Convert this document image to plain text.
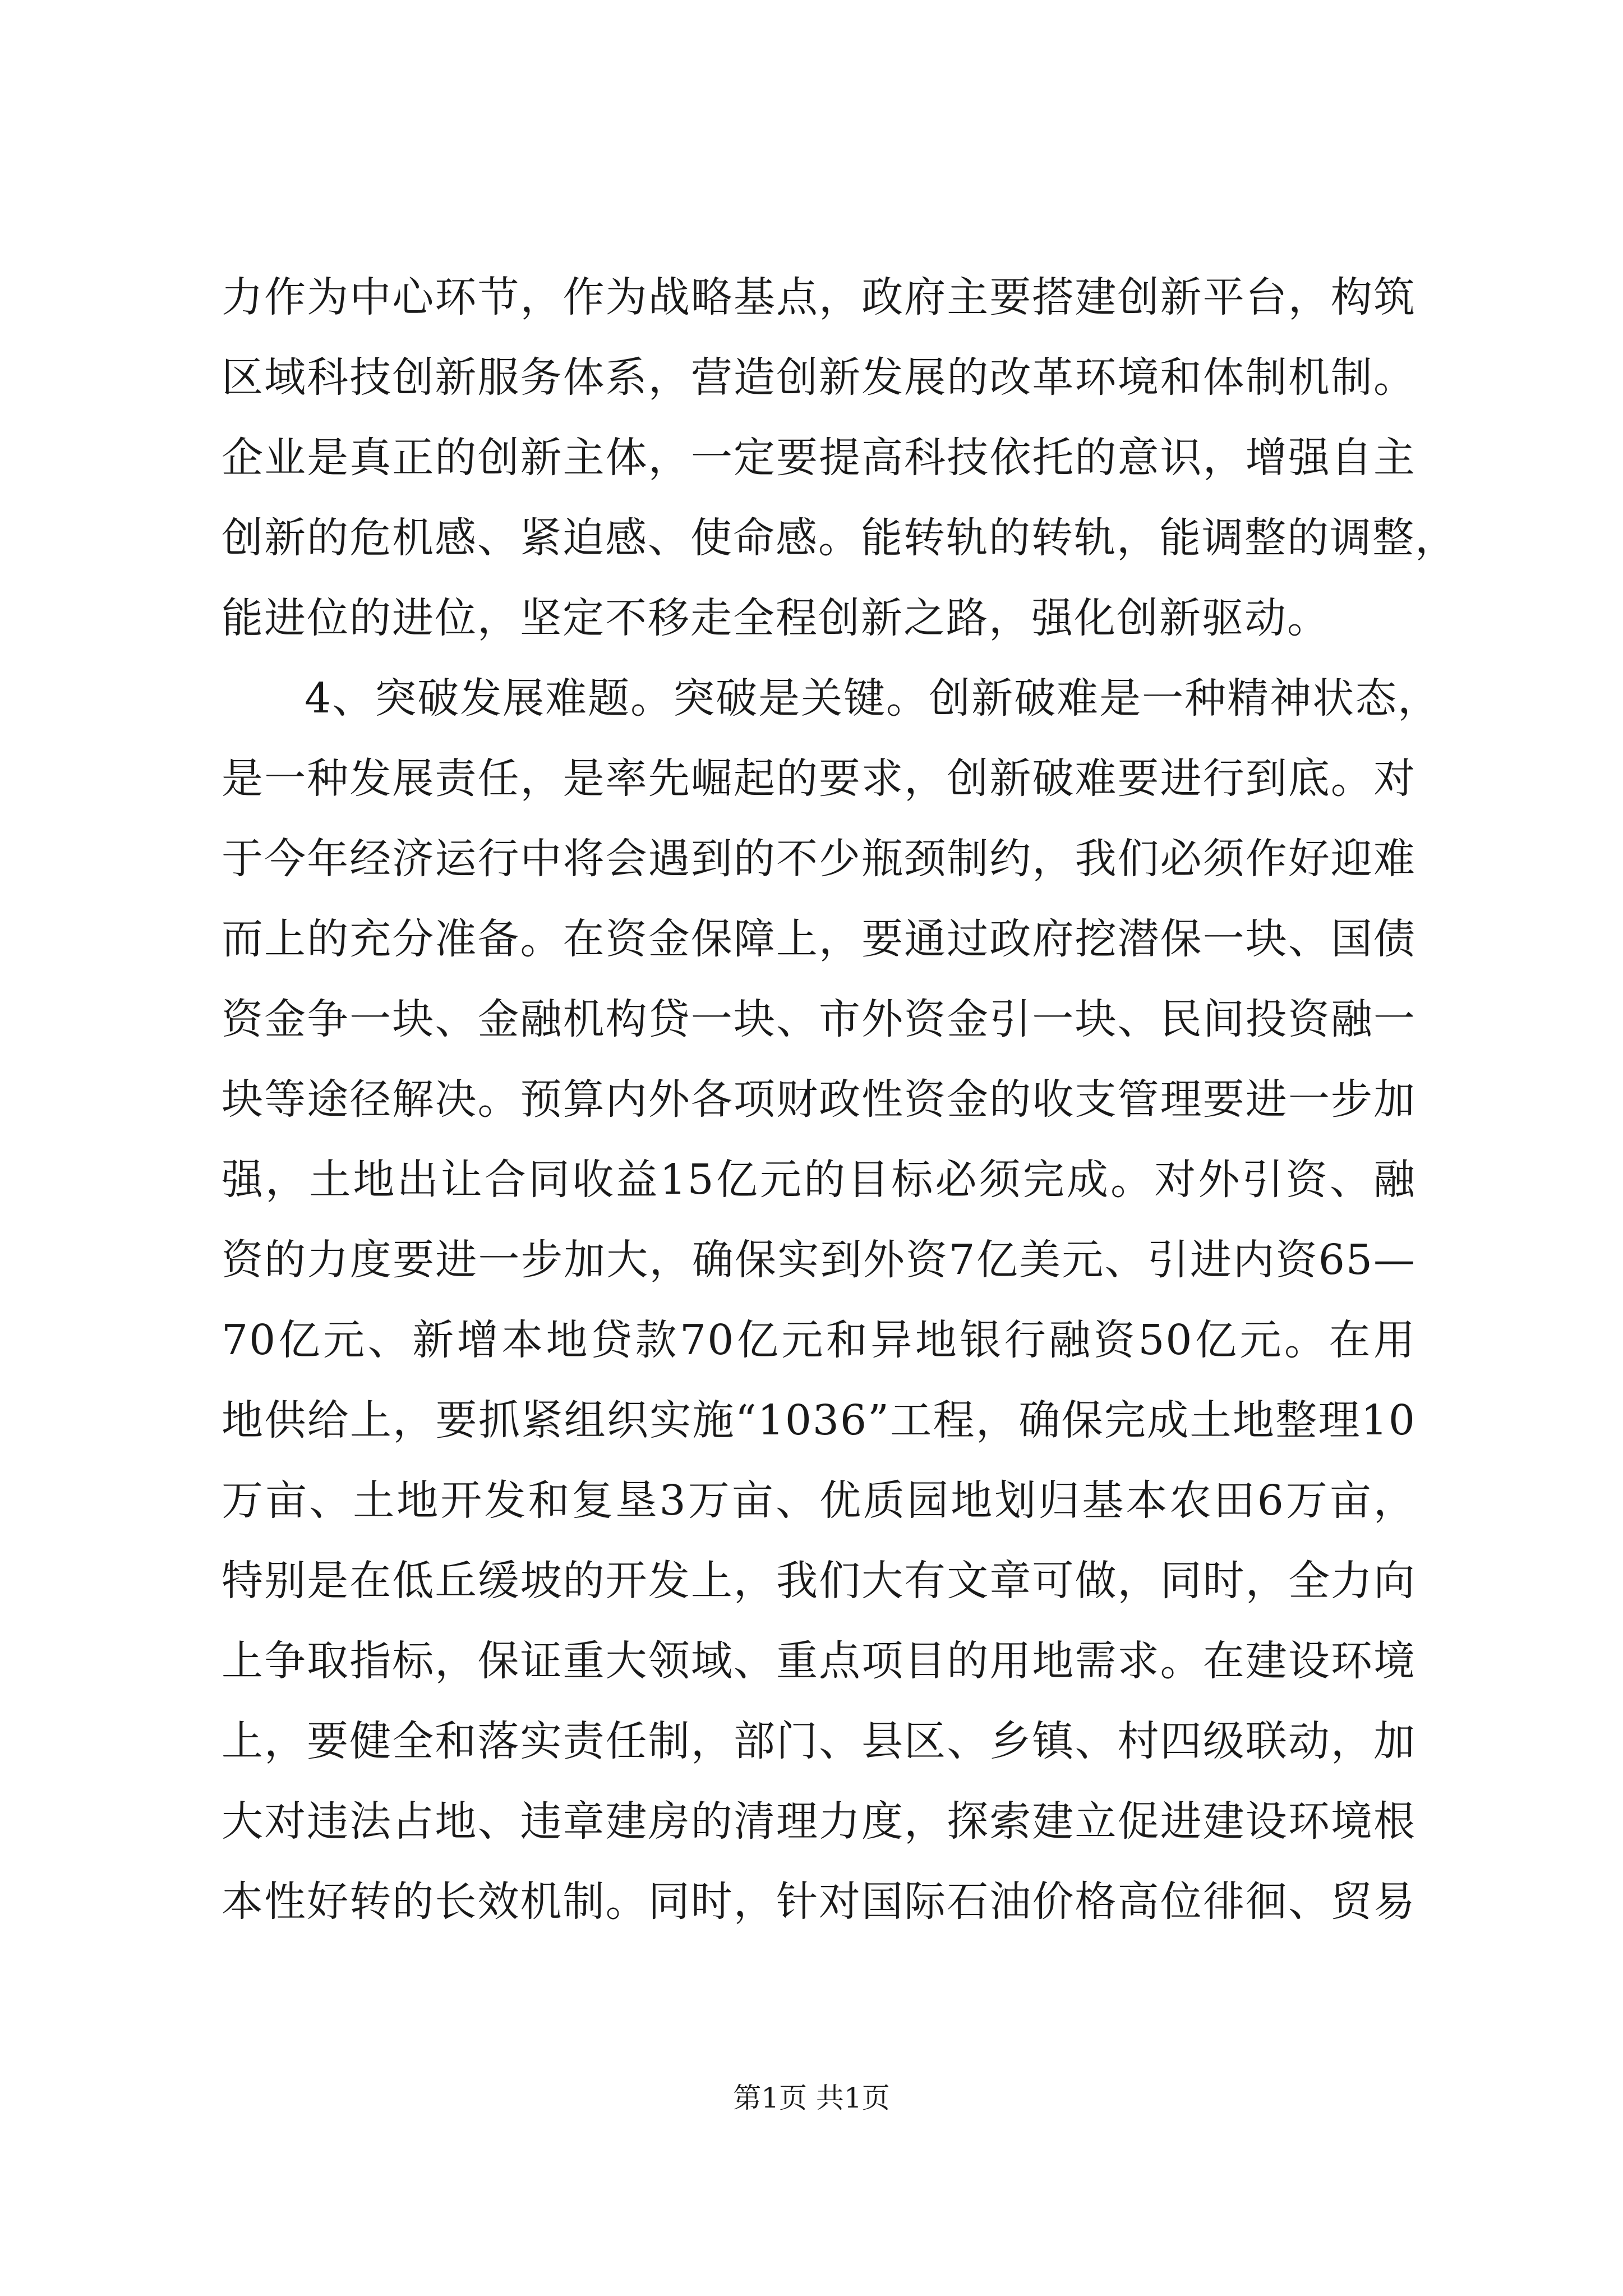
力作为中心环节，作为战略基点，政府主要搭建创新平台，构筑
区域科技创新服务体系，营造创新发展的改革环境和体制机制。
企业是真正的创新主体，一定要提高科技依托的意识，增强自主
创新的危机感、紧迫感、使命感。能转轨的转轨，能调整的调整，
能进位的进位，坚定不移走全程创新之路，强化创新驱动。
4、突破发展难题。突破是关键。创新破难是一种精神状态，
是一种发展责任，是率先崛起的要求，创新破难要进行到底。对
于今年经济运行中将会遇到的不少瓶颈制约，我们必须作好迎难
而上的充分准备。在资金保障上，要通过政府挖潜保一块、国债
资金争一块、金融机构贷一块、市外资金引一块、民间投资融一
块等途径解决。预算内外各项财政性资金的收支管理要进一步加
强，土地出让合同收益15亿元的目标必须完成。对外引资、融
资的力度要进一步加大，确保实到外资7亿美元、引进内资65—
70亿元、新增本地贷款70亿元和异地银行融资50亿元。在用
地供给上，要抓紧组织实施“1036”工程，确保完成土地整理10
万亩、土地开发和复垦3万亩、优质园地划归基本农田6万亩，
特别是在低丘缓坡的开发上，我们大有文章可做，同时，全力向
上争取指标，保证重大领域、重点项目的用地需求。在建设环境
上，要健全和落实责任制，部门、县区、乡镇、村四级联动，加
大对违法占地、违章建房的清理力度，探索建立促进建设环境根
本性好转的长效机制。同时，针对国际石油价格高位徘徊、贸易
第1页 共1页
